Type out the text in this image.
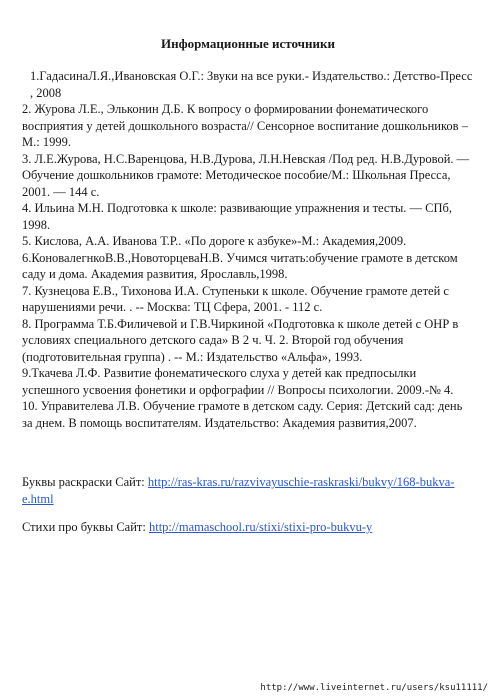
Информационные источники
1.ГадасинаЛ.Я.,Ивановская О.Г.: Звуки на все руки.- Издательство.: Детство-Пресс , 2008
2. Журова Л.Е., Эльконин Д.Б. К вопросу о формировании фонематического восприятия у детей дошкольного возраста// Сенсорное воспитание дошкольников – М.: 1999.
3. Л.Е.Журова, Н.С.Варенцова, Н.В.Дурова, Л.Н.Невская /Под ред. Н.В.Дуровой. — Обучение дошкольников грамоте: Методическое пособие/М.: Школьная Пресса, 2001. — 144 с.
4. Ильина М.Н. Подготовка к школе: развивающие упражнения и тесты. — СПб, 1998.
5. Кислова, А.А. Иванова Т.Р.. «По дороге к азбуке»-М.: Академия,2009.
6.КоновалегнкоВ.В.,НовоторцеваН.В. Учимся читать:обучение грамоте в детском саду и дома. Академия развития, Ярославль,1998.
7. Кузнецова Е.В., Тихонова И.А. Ступеньки к школе. Обучение грамоте детей с нарушениями речи. . -- Москва: ТЦ Сфера, 2001. - 112 с.
8. Программа Т.Б.Филичевой и Г.В.Чиркиной «Подготовка к школе детей с ОНР в условиях специального детского сада» В 2 ч. Ч. 2. Второй год обучения (подготовительная группа) . -- М.: Издательство «Альфа», 1993.
9.Ткачева Л.Ф. Развитие фонематического слуха у детей как предпосылки успешного усвоения фонетики и орфографии // Вопросы психологии. 2009.-№ 4.
10. Управителева Л.В. Обучение грамоте в детском саду. Серия: Детский сад: день за днем. В помощь воспитателям. Издательство: Академия развития,2007.
Буквы раскраски Сайт: http://ras-kras.ru/razvivayuschie-raskraski/bukvy/168-bukva-e.html
Стихи про буквы Сайт: http://mamaschool.ru/stixi/stixi-pro-bukvu-y
http://www.liveinternet.ru/users/ksu11111/
